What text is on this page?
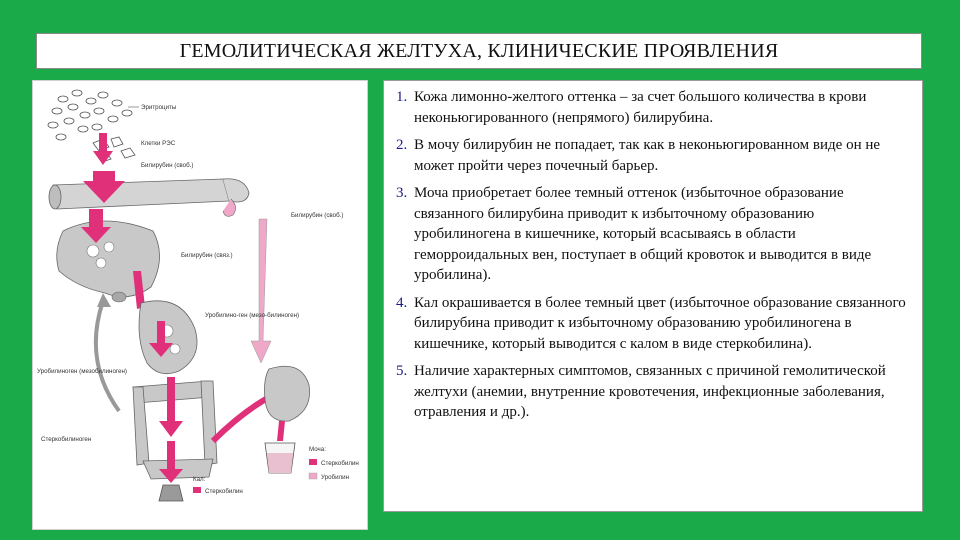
ГЕМОЛИТИЧЕСКАЯ ЖЕЛТУХА, КЛИНИЧЕСКИЕ ПРОЯВЛЕНИЯ
Эритроциты
Клетки РЭС
Билирубин (своб.)
Билирубин (своб.)
Билирубин (связ.)
Уробилино-ген (мезо-билиноген)
Уробилиноген (мезобилиноген)
Стеркобилиноген
Моча:
Стеркобилин
Уробилин
Кал:
Стеркобилин
1. Кожа лимонно-желтого оттенка – за счет большого количества в крови неконьюгированного (непрямого) билирубина.
2. В мочу билирубин не попадает, так как в неконьюгированном виде он не может пройти через почечный барьер.
3. Моча приобретает более темный оттенок (избыточное образование связанного билирубина приводит к избыточному образованию уробилиногена в кишечнике, который всасываясь в области геморроидальных вен, поступает в общий кровоток и выводится в виде уробилина).
4. Кал окрашивается в более темный цвет (избыточное образование связанного билирубина приводит к избыточному образованию уробилиногена в кишечнике, который выводится с калом в виде стеркобилина).
5. Наличие характерных симптомов, связанных с причиной гемолитической желтухи (анемии, внутренние кровотечения, инфекционные заболевания, отравления и др.).
